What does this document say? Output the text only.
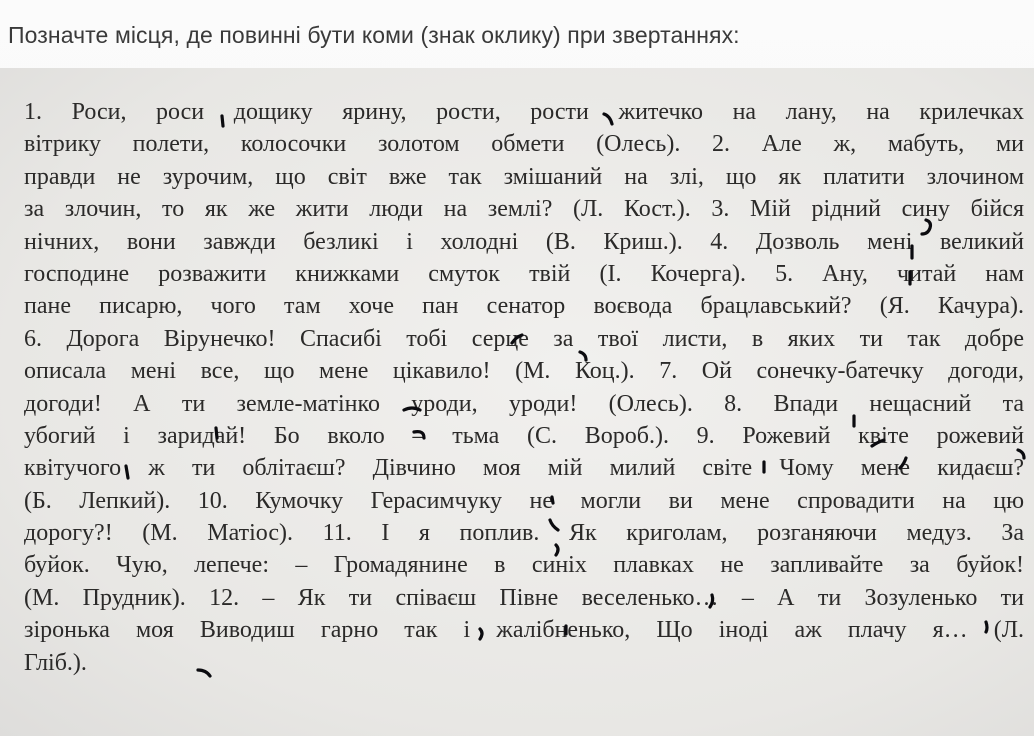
Позначте місця, де повинні бути коми (знак оклику) при звертаннях:
1. Роси, роси дощику ярину, рости, рости житечко на лану, на крилечках
вітрику полети, колосочки золотом обмети (Олесь). 2. Але ж, мабуть, ми
правди не зурочим, що світ вже так змішаний на злі, що як платити злочином
за злочин, то як же жити люди на землі? (Л. Кост.). 3. Мій рідний сину бійся
нічних, вони завжди безликі і холодні (В. Криш.). 4. Дозволь мені великий
господине розважити книжками смуток твій (І. Кочерга). 5. Ану, читай нам
пане писарю, чого там хоче пан сенатор воєвода брацлавський? (Я. Качура).
6. Дорога Вірунечко! Спасибі тобі серце за твої листи, в яких ти так добре
описала мені все, що мене цікавило! (М. Коц.). 7. Ой сонечку-батечку догоди,
догоди! А ти земле-матінко уроди, уроди! (Олесь). 8. Впади нещасний та
убогий і заридай! Бо вколо – тьма (С. Вороб.). 9. Рожевий квіте рожевий
квітучого ж ти облітаєш? Дівчино моя мій милий світе Чому мене кидаєш?
(Б. Лепкий). 10. Кумочку Герасимчуку не могли ви мене спровадити на цю
дорогу?! (М. Матіос). 11. І я поплив. Як криголам, розганяючи медуз. За
буйок. Чую, лепече: – Громадянине в синіх плавках не запливайте за буйок!
(М. Прудник). 12. – Як ти співаєш Півне веселенько… – А ти Зозуленько ти
зіронька моя Виводиш гарно так і жалібненько, Що іноді аж плачу я… (Л.
Гліб.).
